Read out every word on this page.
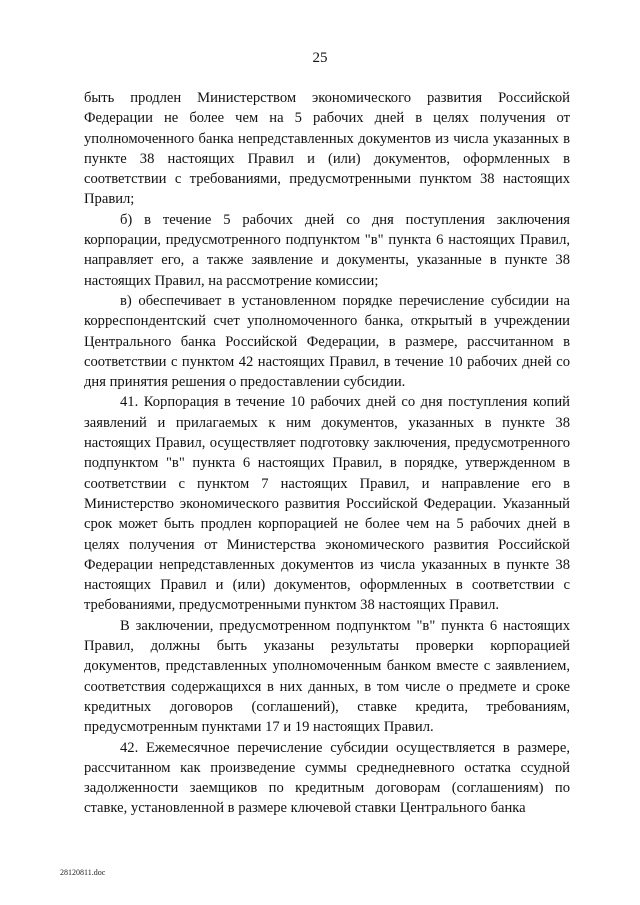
25

быть продлен Министерством экономического развития Российской Федерации не более чем на 5 рабочих дней в целях получения от уполномоченного банка непредставленных документов из числа указанных в пункте 38 настоящих Правил и (или) документов, оформленных в соответствии с требованиями, предусмотренными пунктом 38 настоящих Правил;

б) в течение 5 рабочих дней со дня поступления заключения корпорации, предусмотренного подпунктом "в" пункта 6 настоящих Правил, направляет его, а также заявление и документы, указанные в пункте 38 настоящих Правил, на рассмотрение комиссии;

в) обеспечивает в установленном порядке перечисление субсидии на корреспондентский счет уполномоченного банка, открытый в учреждении Центрального банка Российской Федерации, в размере, рассчитанном в соответствии с пунктом 42 настоящих Правил, в течение 10 рабочих дней со дня принятия решения о предоставлении субсидии.

41. Корпорация в течение 10 рабочих дней со дня поступления копий заявлений и прилагаемых к ним документов, указанных в пункте 38 настоящих Правил, осуществляет подготовку заключения, предусмотренного подпунктом "в" пункта 6 настоящих Правил, в порядке, утвержденном в соответствии с пунктом 7 настоящих Правил, и направление его в Министерство экономического развития Российской Федерации. Указанный срок может быть продлен корпорацией не более чем на 5 рабочих дней в целях получения от Министерства экономического развития Российской Федерации непредставленных документов из числа указанных в пункте 38 настоящих Правил и (или) документов, оформленных в соответствии с требованиями, предусмотренными пунктом 38 настоящих Правил.

В заключении, предусмотренном подпунктом "в" пункта 6 настоящих Правил, должны быть указаны результаты проверки корпорацией документов, представленных уполномоченным банком вместе с заявлением, соответствия содержащихся в них данных, в том числе о предмете и сроке кредитных договоров (соглашений), ставке кредита, требованиям, предусмотренным пунктами 17 и 19 настоящих Правил.

42. Ежемесячное перечисление субсидии осуществляется в размере, рассчитанном как произведение суммы среднедневного остатка ссудной задолженности заемщиков по кредитным договорам (соглашениям) по ставке, установленной в размере ключевой ставки Центрального банка

28120811.doc
